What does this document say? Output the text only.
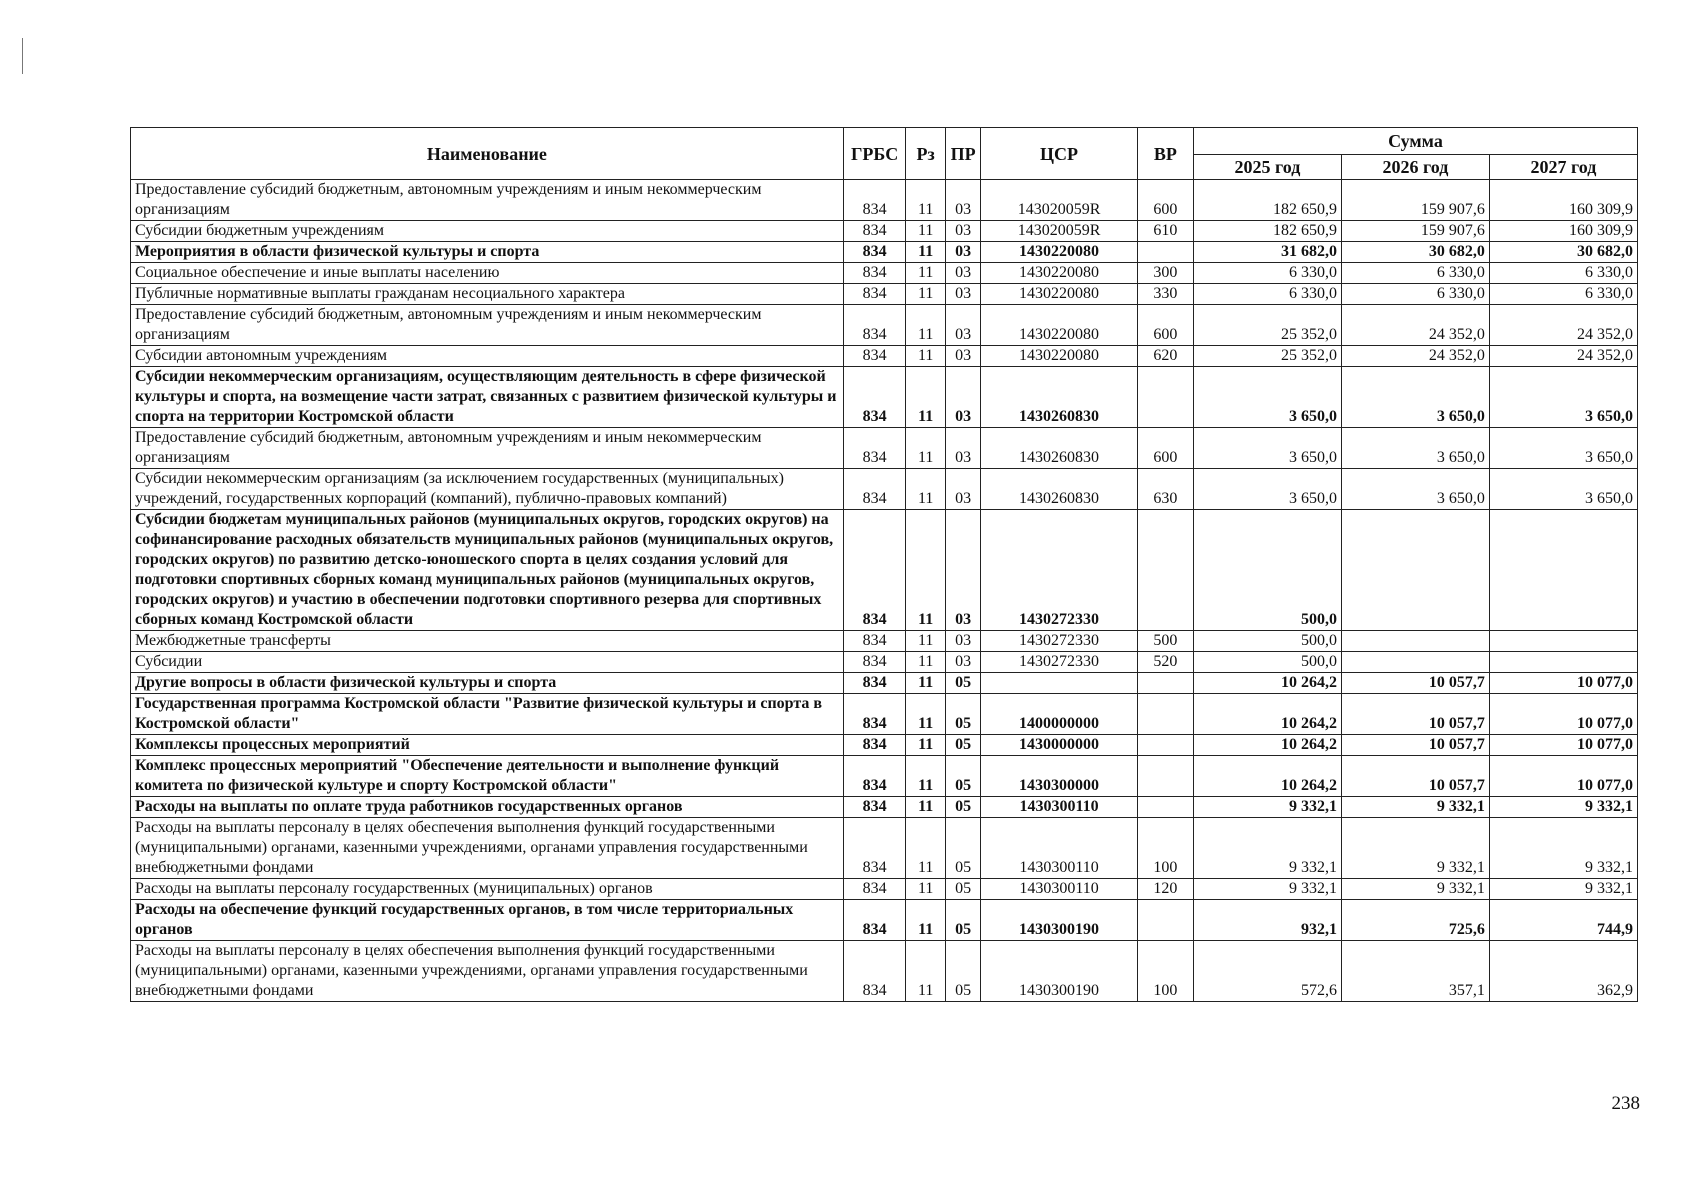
Наименование	ГРБС	Рз	ПР	ЦСР	ВР	Сумма		
						2025 год	2026 год	2027 год
Предоставление субсидий бюджетным, автономным учреждениям и иным некоммерческим организациям	834	11	03	143020059R	600	182 650,9	159 907,6	160 309,9
Субсидии бюджетным учреждениям	834	11	03	143020059R	610	182 650,9	159 907,6	160 309,9
Мероприятия в области физической культуры и спорта	834	11	03	1430220080		31 682,0	30 682,0	30 682,0
Социальное обеспечение и иные выплаты населению	834	11	03	1430220080	300	6 330,0	6 330,0	6 330,0
Публичные нормативные выплаты гражданам несоциального характера	834	11	03	1430220080	330	6 330,0	6 330,0	6 330,0
Предоставление субсидий бюджетным, автономным учреждениям и иным некоммерческим организациям	834	11	03	1430220080	600	25 352,0	24 352,0	24 352,0
Субсидии автономным учреждениям	834	11	03	1430220080	620	25 352,0	24 352,0	24 352,0
Субсидии некоммерческим организациям, осуществляющим деятельность в сфере физической культуры и спорта, на возмещение части затрат, связанных с развитием физической культуры и спорта на территории Костромской области	834	11	03	1430260830		3 650,0	3 650,0	3 650,0
Предоставление субсидий бюджетным, автономным учреждениям и иным некоммерческим организациям	834	11	03	1430260830	600	3 650,0	3 650,0	3 650,0
Субсидии некоммерческим организациям (за исключением государственных (муниципальных) учреждений, государственных корпораций (компаний), публично-правовых компаний)	834	11	03	1430260830	630	3 650,0	3 650,0	3 650,0
Субсидии бюджетам муниципальных районов (муниципальных округов, городских округов) на софинансирование расходных обязательств муниципальных районов (муниципальных округов, городских округов) по развитию детско-юношеского спорта в целях создания условий для подготовки спортивных сборных команд муниципальных районов (муниципальных округов, городских округов) и участию в обеспечении подготовки спортивного резерва для спортивных сборных команд Костромской области	834	11	03	1430272330		500,0		
Межбюджетные трансферты	834	11	03	1430272330	500	500,0		
Субсидии	834	11	03	1430272330	520	500,0		
Другие вопросы в области физической культуры и спорта	834	11	05			10 264,2	10 057,7	10 077,0
Государственная программа Костромской области "Развитие физической культуры и спорта в Костромской области"	834	11	05	1400000000		10 264,2	10 057,7	10 077,0
Комплексы процессных мероприятий	834	11	05	1430000000		10 264,2	10 057,7	10 077,0
Комплекс процессных мероприятий "Обеспечение деятельности и выполнение функций комитета по физической культуре и спорту Костромской области"	834	11	05	1430300000		10 264,2	10 057,7	10 077,0
Расходы на выплаты по оплате труда работников государственных органов	834	11	05	1430300110		9 332,1	9 332,1	9 332,1
Расходы на выплаты персоналу в целях обеспечения выполнения функций государственными (муниципальными) органами, казенными учреждениями, органами управления государственными внебюджетными фондами	834	11	05	1430300110	100	9 332,1	9 332,1	9 332,1
Расходы на выплаты персоналу государственных (муниципальных) органов	834	11	05	1430300110	120	9 332,1	9 332,1	9 332,1
Расходы на обеспечение функций государственных органов, в том числе территориальных органов	834	11	05	1430300190		932,1	725,6	744,9
Расходы на выплаты персоналу в целях обеспечения выполнения функций государственными (муниципальными) органами, казенными учреждениями, органами управления государственными внебюджетными фондами	834	11	05	1430300190	100	572,6	357,1	362,9
238
